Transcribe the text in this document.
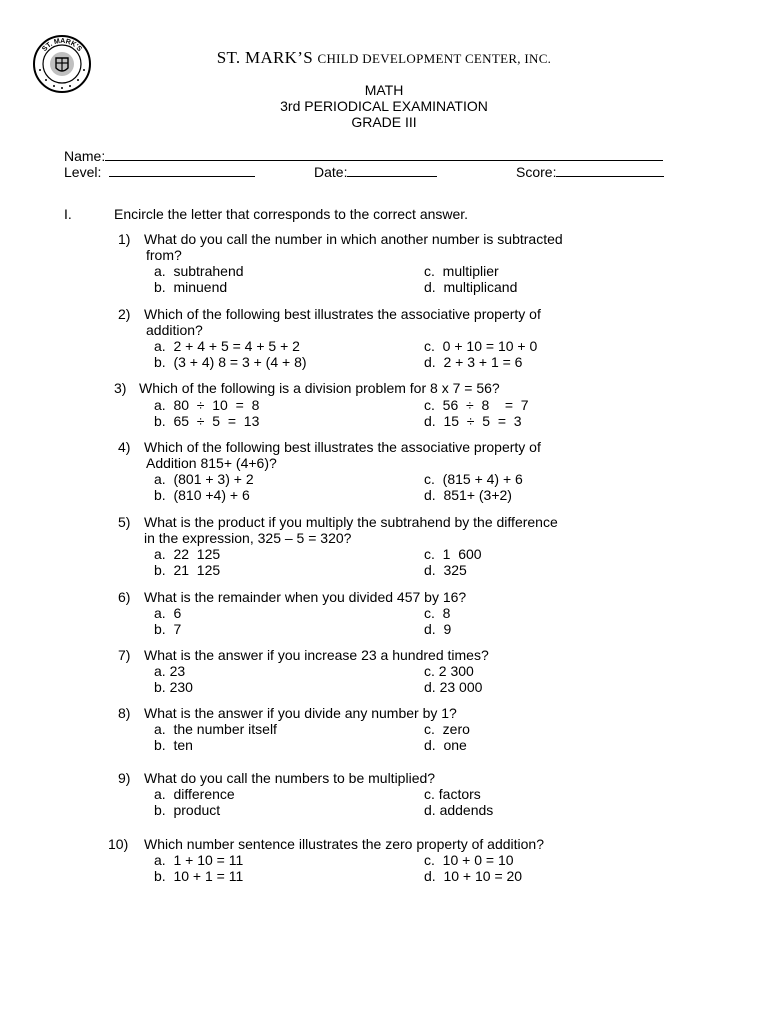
ST. MARK'S	ST. MARK’S CHILD DEVELOPMENT CENTER, INC.
MATH
3rd PERIODICAL EXAMINATION
GRADE III
Name:
Level:	Date:	Score:
I.	Encircle the letter that corresponds to the correct answer.
1) What do you call the number in which another number is subtracted
from?
a.  subtrahend
b.  minuend
c.  multiplier
d.  multiplicand
2) Which of the following best illustrates the associative property of
addition?
a.  2 + 4 + 5 = 4 + 5 + 2
b.  (3 + 4) 8 = 3 + (4 + 8)
c.  0 + 10 = 10 + 0
d.  2 + 3 + 1 = 6
3) Which of the following is a division problem for 8 x 7 = 56?
a.  80  ÷  10  =  8
b.  65  ÷  5  =  13
c.  56  ÷  8    =  7
d.  15  ÷  5  =  3
4) Which of the following best illustrates the associative property of
Addition 815+ (4+6)?
a.  (801 + 3) + 2
b.  (810 +4) + 6
c.  (815 + 4) + 6
d.  851+ (3+2)
5) What is the product if you multiply the subtrahend by the difference
in the expression, 325 – 5 = 320?
a.  22  125
b.  21  125
c.  1  600
d.  325
6) What is the remainder when you divided 457 by 16?
a.  6
b.  7
c.  8
d.  9
7) What is the answer if you increase 23 a hundred times?
a. 23
b. 230
c. 2 300
d. 23 000
8) What is the answer if you divide any number by 1?
a.  the number itself
b.  ten
c.  zero
d.  one
9) What do you call the numbers to be multiplied?
a.  difference
b.  product
c. factors
d. addends
10) Which number sentence illustrates the zero property of addition?
a.  1 + 10 = 11
b.  10 + 1 = 11
c.  10 + 0 = 10
d.  10 + 10 = 20
